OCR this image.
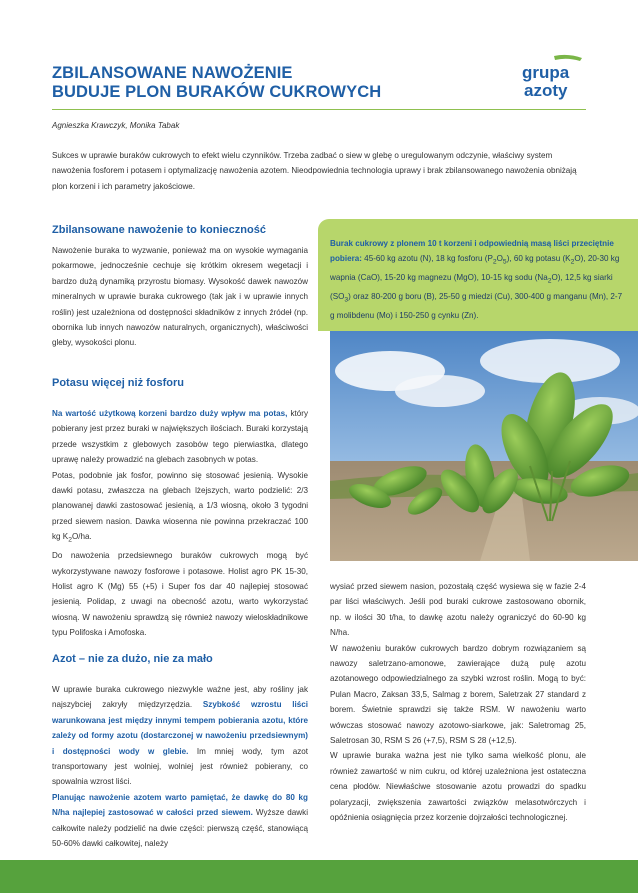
ZBILANSOWANE NAWOŻENIE
BUDUJE PLON BURAKÓW CUKROWYCH
grupa
azoty
Agnieszka Krawczyk, Monika Tabak

Sukces w uprawie buraków cukrowych to efekt wielu czynników. Trzeba zadbać o siew w glebę o uregulowanym odczynie, właściwy system nawożenia fosforem i potasem i optymalizację nawożenia azotem. Nieodpowiednia technologia uprawy i brak zbilansowanego nawożenia obniżają plon korzeni i ich parametry jakościowe.

Zbilansowane nawożenie to konieczność

Nawożenie buraka to wyzwanie, ponieważ ma on wysokie wymagania pokarmowe, jednocześnie cechuje się krótkim okresem wegetacji i bardzo dużą dynamiką przyrostu biomasy. Wysokość dawek nawozów mineralnych w uprawie buraka cukrowego (tak jak i w uprawie innych roślin) jest uzależniona od dostępności składników z innych źródeł (np. obornika lub innych nawozów naturalnych, organicznych), właściwości gleby, wysokości plonu.

Potasu więcej niż fosforu

Na wartość użytkową korzeni bardzo duży wpływ ma potas, który pobierany jest przez buraki w największych ilościach. Buraki korzystają przede wszystkim z glebowych zasobów tego pierwiastka, dlatego uprawę należy prowadzić na glebach zasobnych w potas.

Potas, podobnie jak fosfor, powinno się stosować jesienią. Wysokie dawki potasu, zwłaszcza na glebach lżejszych, warto podzielić: 2/3 planowanej dawki zastosować jesienią, a 1/3 wiosną, około 3 tygodni przed siewem nasion. Dawka wiosenna nie powinna przekraczać 100 kg $K_2O/ha$.

Do nawożenia przedsiewnego buraków cukrowych mogą być wykorzystywane nawozy fosforowe i potasowe. Holist agro PK 15-30, Holist agro K (Mg) 55 (+5) i Super fos dar 40 najlepiej stosować jesienią. Polidap, z uwagi na obecność azotu, warto wykorzystać wiosną. W nawożeniu sprawdzą się również nawozy wieloskładnikowe typu Polifoska i Amofoska.

Azot – nie za dużo, nie za mało

W uprawie buraka cukrowego niezwykle ważne jest, aby rośliny jak najszybciej zakryły międzyrzędzia. Szybkość wzrostu liści warunkowana jest między innymi tempem pobierania azotu, które zależy od formy azotu (dostarczonej w nawożeniu przedsiewnym) i dostępności wody w glebie. Im mniej wody, tym azot transportowany jest wolniej, wolniej jest również pobierany, co spowalnia wzrost liści.

Planując nawożenie azotem warto pamiętać, że dawkę do 80 kg N/ha najlepiej zastosować w całości przed siewem. Wyższe dawki całkowite należy podzielić na dwie części: pierwszą część, stanowiącą 50-60% dawki całkowitej, należy

Burak cukrowy z plonem 10 t korzeni i odpowiednią masą liści przeciętnie pobiera: 45-60 kg azotu (N), 18 kg fosforu $(P_2O_5)$, 60 kg potasu $(K_2O)$, 20-30 kg wapnia (CaO), 15-20 kg magnezu (MgO), 10-15 kg sodu $(Na_2O)$, 12,5 kg siarki $(SO_3)$ oraz 80-200 g boru (B), 25-50 g miedzi (Cu), 300-400 g manganu (Mn), 2-7 g molibdenu (Mo) i 150-250 g cynku (Zn).

wysiać przed siewem nasion, pozostałą część wysiewa się w fazie 2-4 par liści właściwych. Jeśli pod buraki cukrowe zastosowano obornik, np. w ilości 30 t/ha, to dawkę azotu należy ograniczyć do 60-90 kg N/ha.

W nawożeniu buraków cukrowych bardzo dobrym rozwiązaniem są nawozy saletrzano-amonowe, zawierające dużą pulę azotu azotanowego odpowiedzialnego za szybki wzrost roślin. Mogą to być: Pulan Macro, Zaksan 33,5, Salmag z borem, Saletrzak 27 standard z borem. Świetnie sprawdzi się także RSM. W nawożeniu warto wówczas stosować nawozy azotowo-siarkowe, jak: Saletromag 25, Saletrosan 30, RSM S 26 (+7,5), RSM S 28 (+12,5).

W uprawie buraka ważna jest nie tylko sama wielkość plonu, ale również zawartość w nim cukru, od której uzależniona jest ostateczna cena płodów. Niewłaściwe stosowanie azotu prowadzi do spadku polaryzacji, zwiększenia zawartości związków melasotwórczych i opóźnienia osiągnięcia przez korzenie dojrzałości technologicznej.
